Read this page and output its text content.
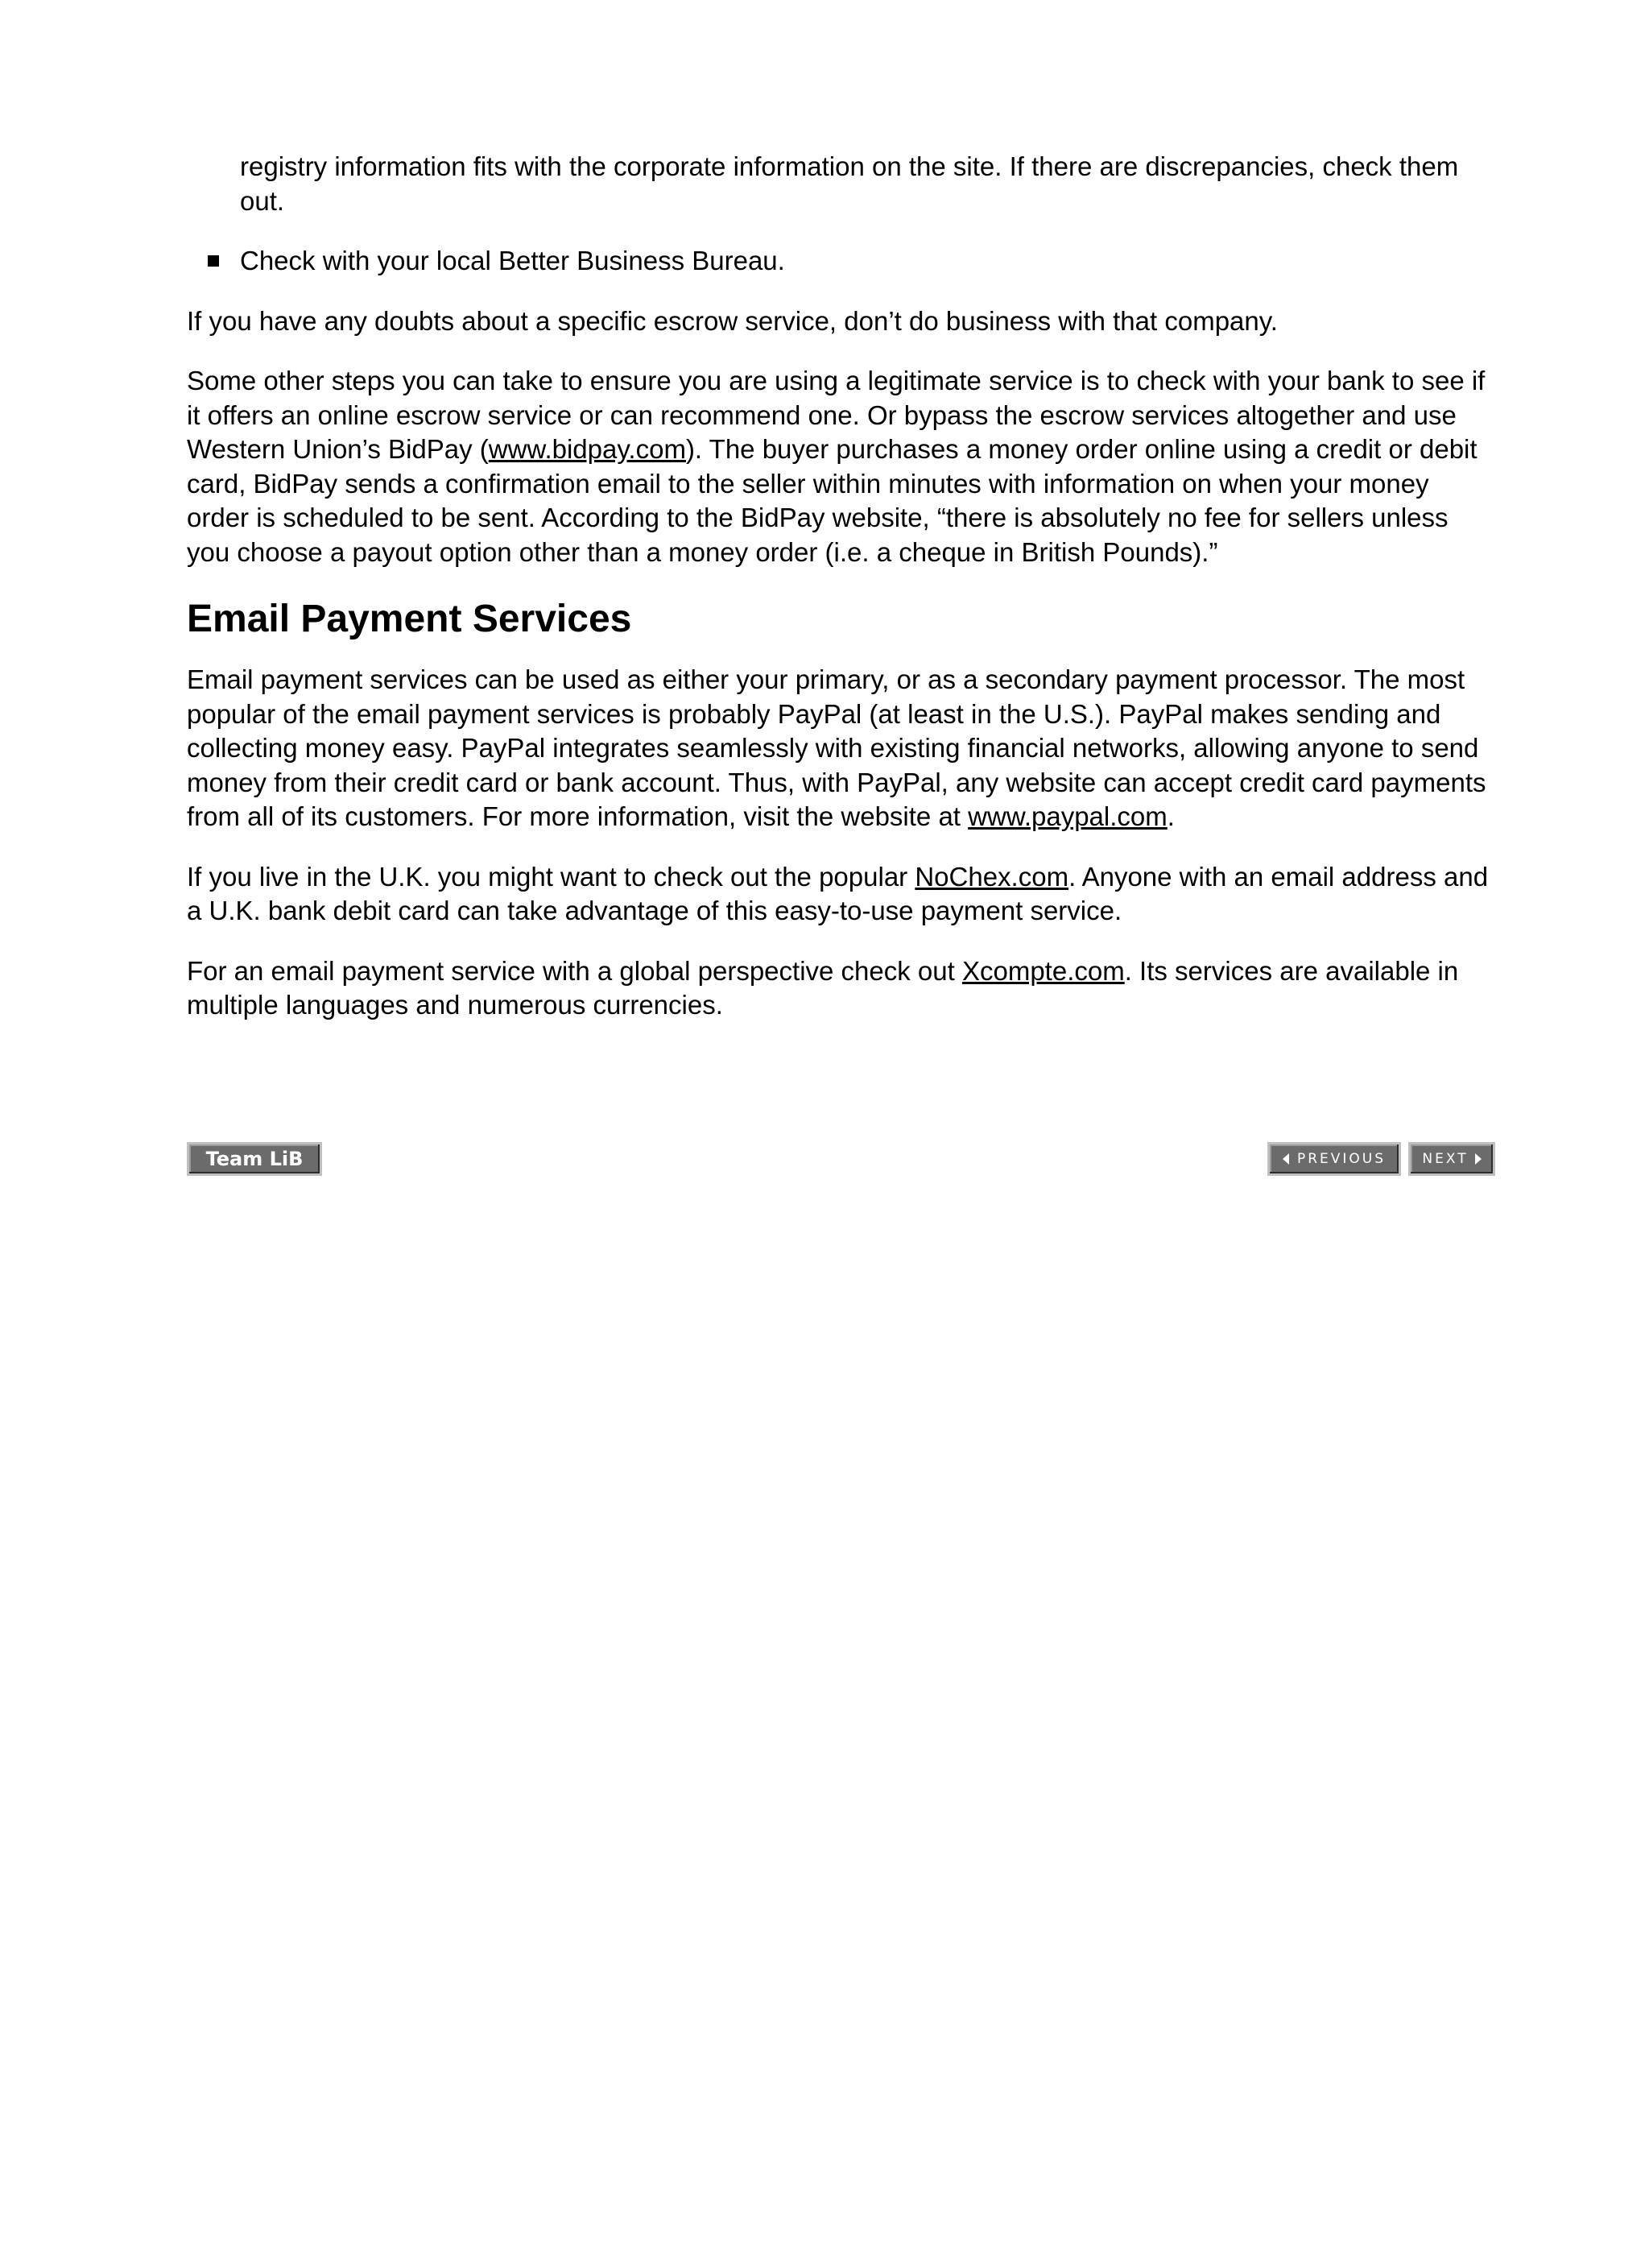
registry information fits with the corporate information on the site. If there are discrepancies, check them out.

Check with your local Better Business Bureau.

If you have any doubts about a specific escrow service, don’t do business with that company.

Some other steps you can take to ensure you are using a legitimate service is to check with your bank to see if it offers an online escrow service or can recommend one. Or bypass the escrow services altogether and use Western Union’s BidPay (www.bidpay.com). The buyer purchases a money order online using a credit or debit card, BidPay sends a confirmation email to the seller within minutes with information on when your money order is scheduled to be sent. According to the BidPay website, “there is absolutely no fee for sellers unless you choose a payout option other than a money order (i.e. a cheque in British Pounds).”

Email Payment Services

Email payment services can be used as either your primary, or as a secondary payment processor. The most popular of the email payment services is probably PayPal (at least in the U.S.). PayPal makes sending and collecting money easy. PayPal integrates seamlessly with existing financial networks, allowing anyone to send money from their credit card or bank account. Thus, with PayPal, any website can accept credit card payments from all of its customers. For more information, visit the website at www.paypal.com.

If you live in the U.K. you might want to check out the popular NoChex.com. Anyone with an email address and a U.K. bank debit card can take advantage of this easy-to-use payment service.

For an email payment service with a global perspective check out Xcompte.com. Its services are available in multiple languages and numerous currencies.

Team LiB	PREVIOUS	NEXT
